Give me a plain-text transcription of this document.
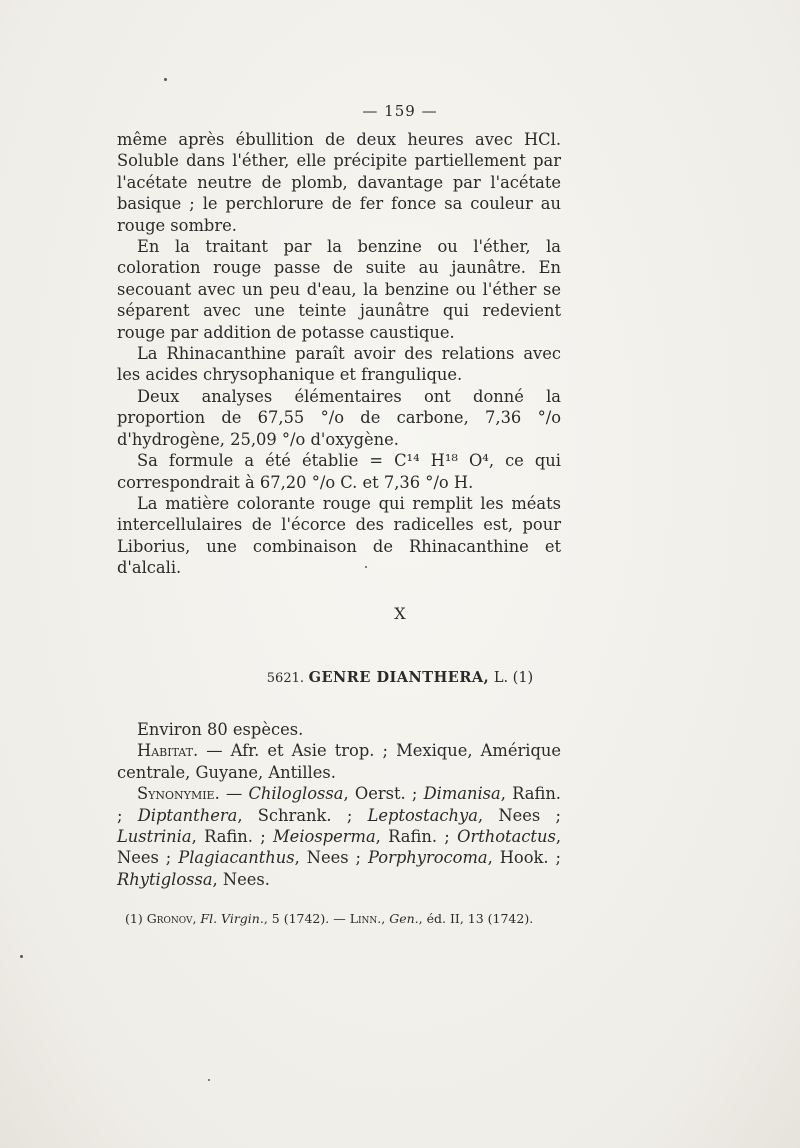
— 159 —

même après ébullition de deux heures avec HCl. Soluble dans l'éther, elle précipite partiellement par l'acétate neutre de plomb, davantage par l'acétate basique ; le perchlorure de fer fonce sa couleur au rouge sombre.

En la traitant par la benzine ou l'éther, la coloration rouge passe de suite au jaunâtre. En secouant avec un peu d'eau, la benzine ou l'éther se séparent avec une teinte jaunâtre qui redevient rouge par addition de potasse caustique.

La Rhinacanthine paraît avoir des relations avec les acides chrysophanique et frangulique.

Deux analyses élémentaires ont donné la proportion de 67,55 °/o de carbone, 7,36 °/o d'hydrogène, 25,09 °/o d'oxygène.

Sa formule a été établie = C¹⁴ H¹⁸ O⁴, ce qui correspondrait à 67,20 °/o C. et 7,36 °/o H.

La matière colorante rouge qui remplit les méats intercellulaires de l'écorce des radicelles est, pour Liborius, une combinaison de Rhinacanthine et d'alcali.

X
5621. GENRE DIANTHERA, L. (1)

Environ 80 espèces.

Habitat. — Afr. et Asie trop. ; Mexique, Amérique centrale, Guyane, Antilles.

Synonymie. — Chiloglossa, Oerst. ; Dimanisa, Rafin. ; Diptanthera, Schrank. ; Leptostachya, Nees ; Lustrinia, Rafin. ; Meiosperma, Rafin. ; Orthotactus, Nees ; Plagiacanthus, Nees ; Porphyrocoma, Hook. ; Rhytiglossa, Nees.

(1) Gronov, Fl. Virgin., 5 (1742). — Linn., Gen., éd. II, 13 (1742).
